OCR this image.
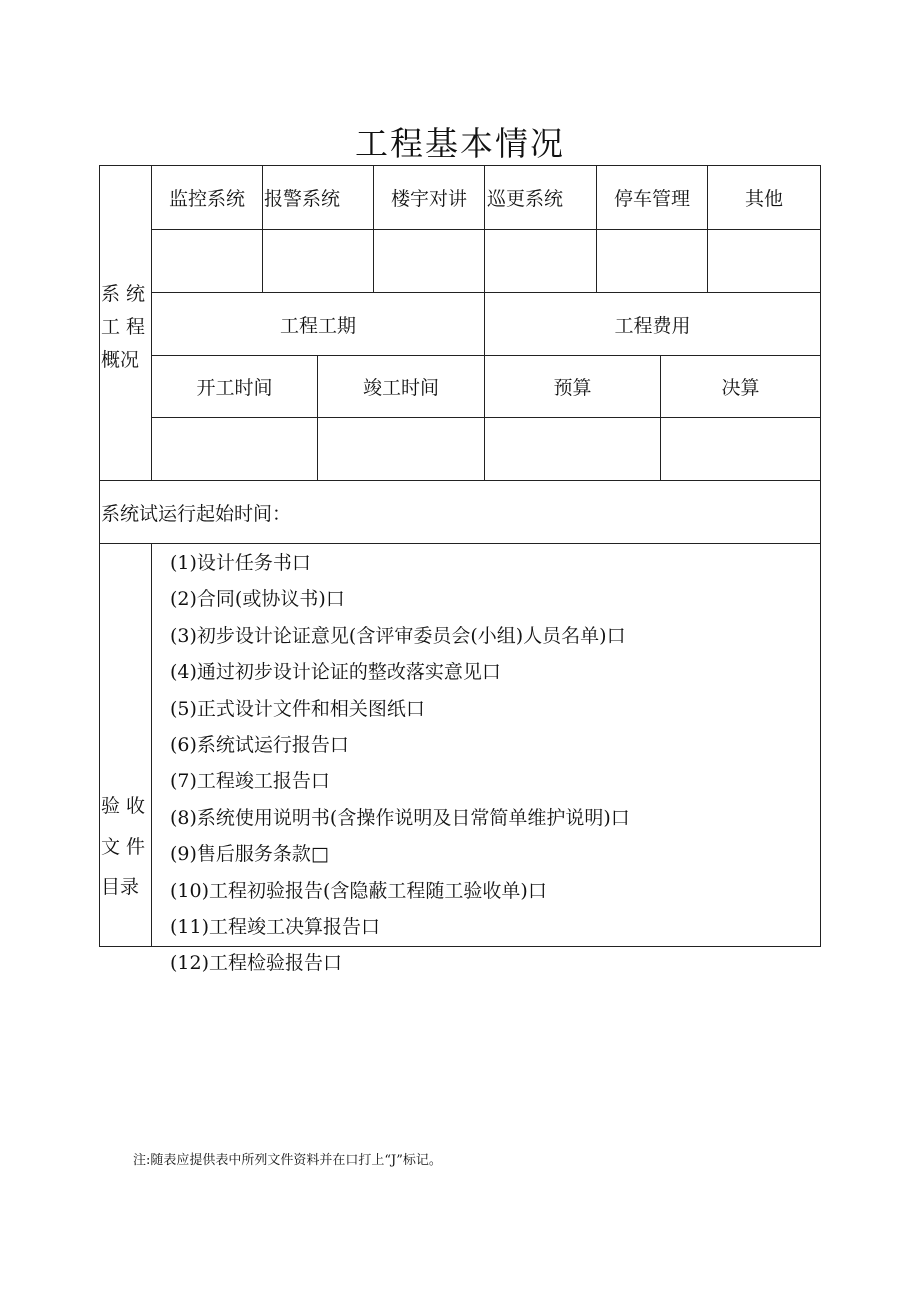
工程基本情况
系 统
工 程
概况
监控系统	报警系统	楼宇对讲	巡更系统	停车管理	其他
工程工期	工程费用
开工时间	竣工时间	预算	决算
系统试运行起始时间：
验 收
文 件
目录
(1)设计任务书口
(2)合同(或协议书)口
(3)初步设计论证意见(含评审委员会(小组)人员名单)口
(4)通过初步设计论证的整改落实意见口
(5)正式设计文件和相关图纸口
(6)系统试运行报告口
(7)工程竣工报告口
(8)系统使用说明书(含操作说明及日常简单维护说明)口
(9)售后服务条款□
(10)工程初验报告(含隐蔽工程随工验收单)口
(11)工程竣工决算报告口
(12)工程检验报告口
注:随表应提供表中所列文件资料并在口打上“J”标记。
